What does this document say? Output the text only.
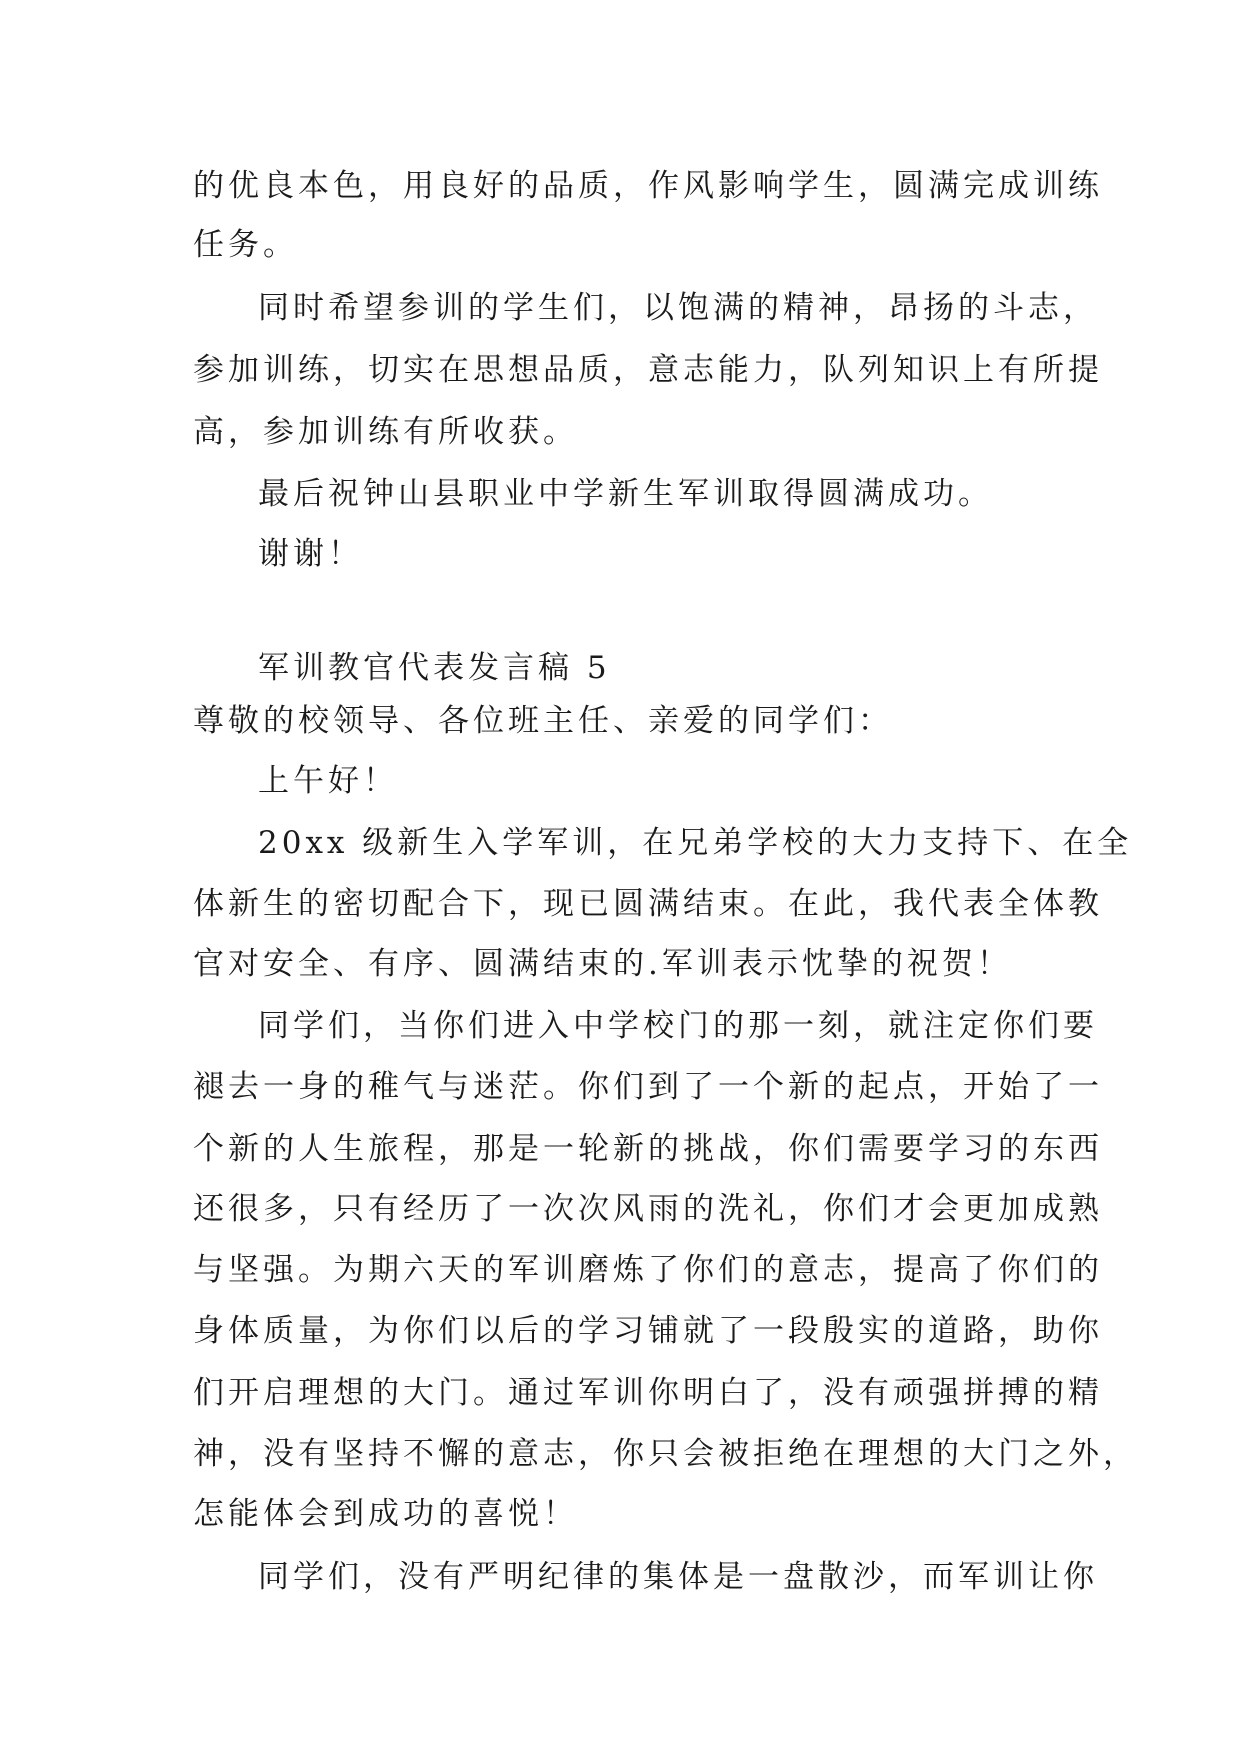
的优良本色，用良好的品质，作风影响学生，圆满完成训练
任务。
同时希望参训的学生们，以饱满的精神，昂扬的斗志，
参加训练，切实在思想品质，意志能力，队列知识上有所提
高，参加训练有所收获。
最后祝钟山县职业中学新生军训取得圆满成功。
谢谢！
军训教官代表发言稿 5
尊敬的校领导、各位班主任、亲爱的同学们：
上午好！
20xx 级新生入学军训，在兄弟学校的大力支持下、在全
体新生的密切配合下，现已圆满结束。在此，我代表全体教
官对安全、有序、圆满结束的.军训表示忱挚的祝贺！
同学们，当你们进入中学校门的那一刻，就注定你们要
褪去一身的稚气与迷茫。你们到了一个新的起点，开始了一
个新的人生旅程，那是一轮新的挑战，你们需要学习的东西
还很多，只有经历了一次次风雨的洗礼，你们才会更加成熟
与坚强。为期六天的军训磨炼了你们的意志，提高了你们的
身体质量，为你们以后的学习铺就了一段殷实的道路，助你
们开启理想的大门。通过军训你明白了，没有顽强拼搏的精
神，没有坚持不懈的意志，你只会被拒绝在理想的大门之外，
怎能体会到成功的喜悦！
同学们，没有严明纪律的集体是一盘散沙，而军训让你
